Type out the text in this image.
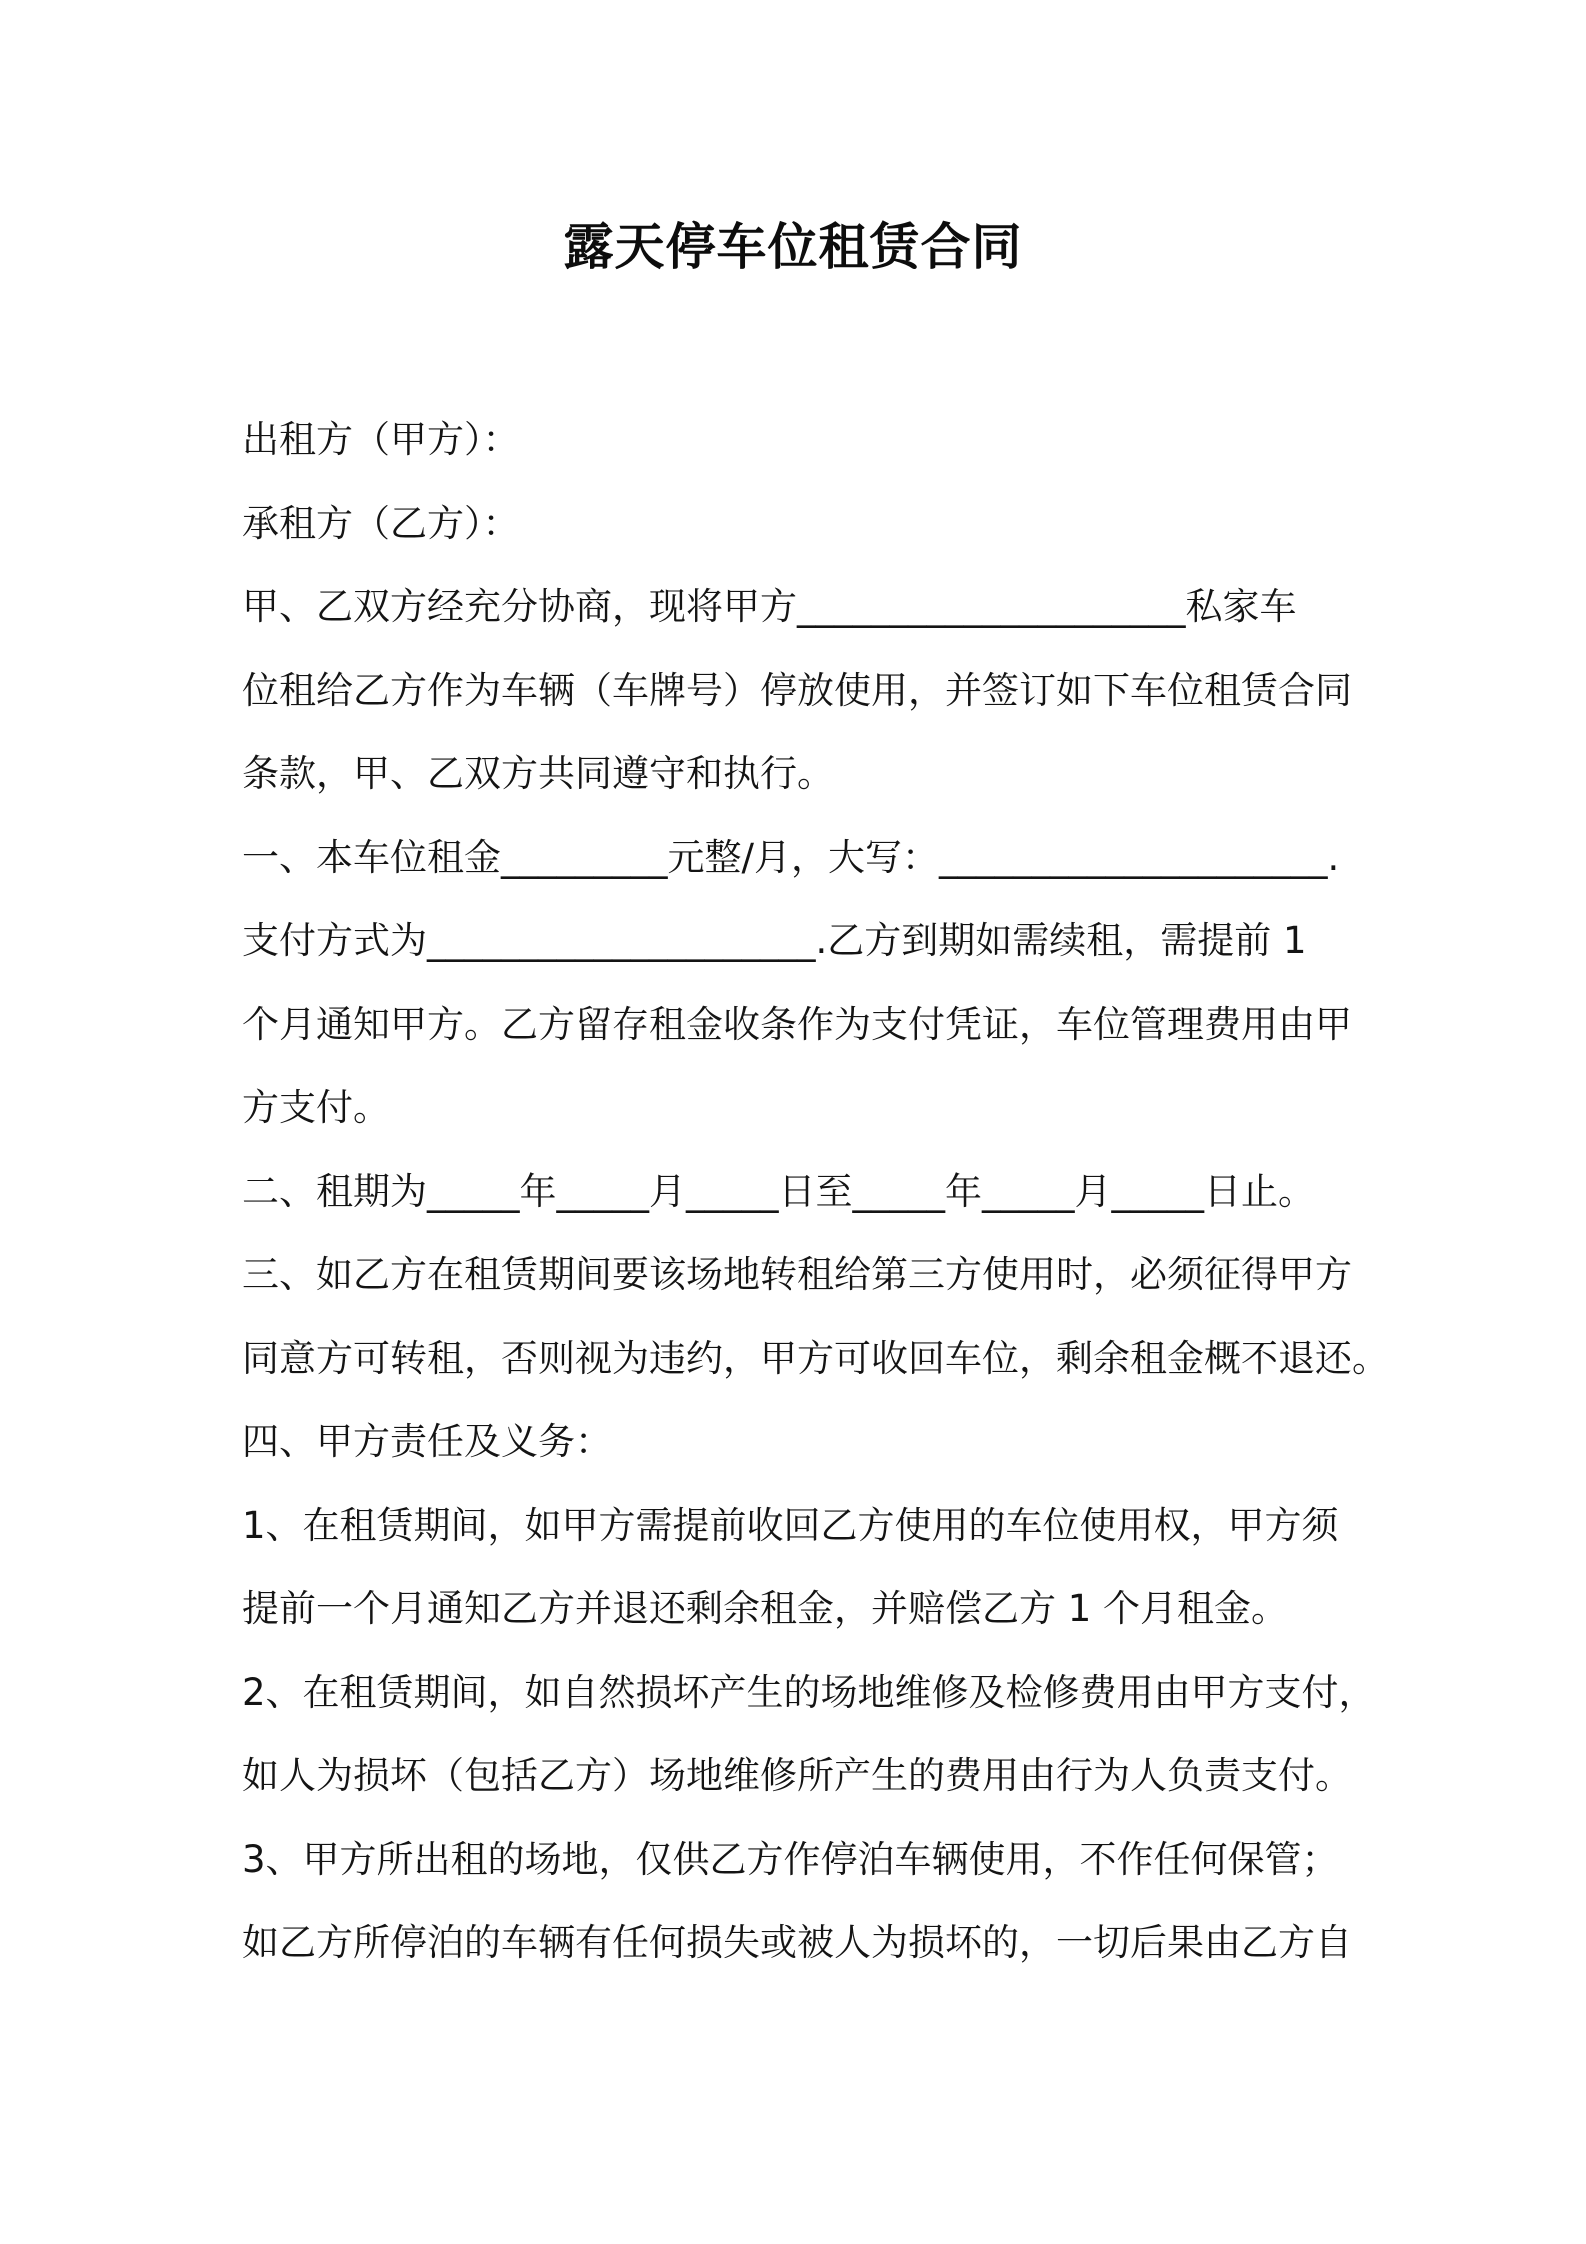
露天停车位租赁合同
出租方（甲方）：
承租方（乙方）：
甲、乙双方经充分协商，现将甲方_____________________私家车
位租给乙方作为车辆（车牌号）停放使用，并签订如下车位租赁合同
条款，甲、乙双方共同遵守和执行。
一、本车位租金_________元整/月，大写：_____________________.
支付方式为_____________________.乙方到期如需续租，需提前 1
个月通知甲方。乙方留存租金收条作为支付凭证，车位管理费用由甲
方支付。
二、租期为_____年_____月_____日至_____年_____月_____日止。
三、如乙方在租赁期间要该场地转租给第三方使用时，必须征得甲方
同意方可转租，否则视为违约，甲方可收回车位，剩余租金概不退还。
四、甲方责任及义务：
1、在租赁期间，如甲方需提前收回乙方使用的车位使用权，甲方须
提前一个月通知乙方并退还剩余租金，并赔偿乙方 1 个月租金。
2、在租赁期间，如自然损坏产生的场地维修及检修费用由甲方支付，
如人为损坏（包括乙方）场地维修所产生的费用由行为人负责支付。
3、甲方所出租的场地，仅供乙方作停泊车辆使用，不作任何保管；
如乙方所停泊的车辆有任何损失或被人为损坏的，一切后果由乙方自
